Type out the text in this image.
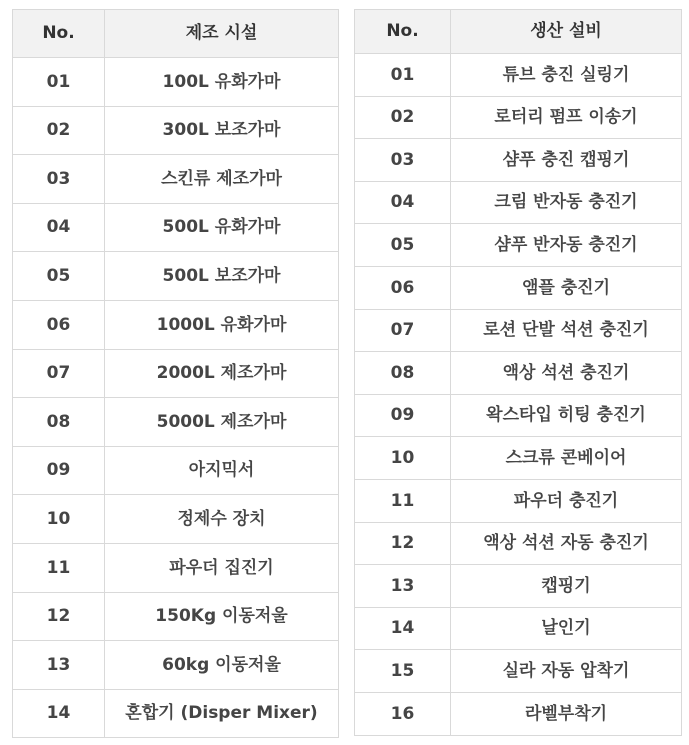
No.	제조 시설
01	100L 유화가마
02	300L 보조가마
03	스킨류 제조가마
04	500L 유화가마
05	500L 보조가마
06	1000L 유화가마
07	2000L 제조가마
08	5000L 제조가마
09	아지믹서
10	정제수 장치
11	파우더 집진기
12	150Kg 이동저울
13	60kg 이동저울
14	혼합기 (Disper Mixer)
No.	생산 설비
01	튜브 충진 실링기
02	로터리 펌프 이송기
03	샴푸 충진 캡핑기
04	크림 반자동 충진기
05	샴푸 반자동 충진기
06	앰플 충진기
07	로션 단발 석션 충진기
08	액상 석션 충진기
09	왁스타입 히팅 충진기
10	스크류 콘베이어
11	파우더 충진기
12	액상 석션 자동 충진기
13	캡핑기
14	날인기
15	실라 자동 압착기
16	라벨부착기
